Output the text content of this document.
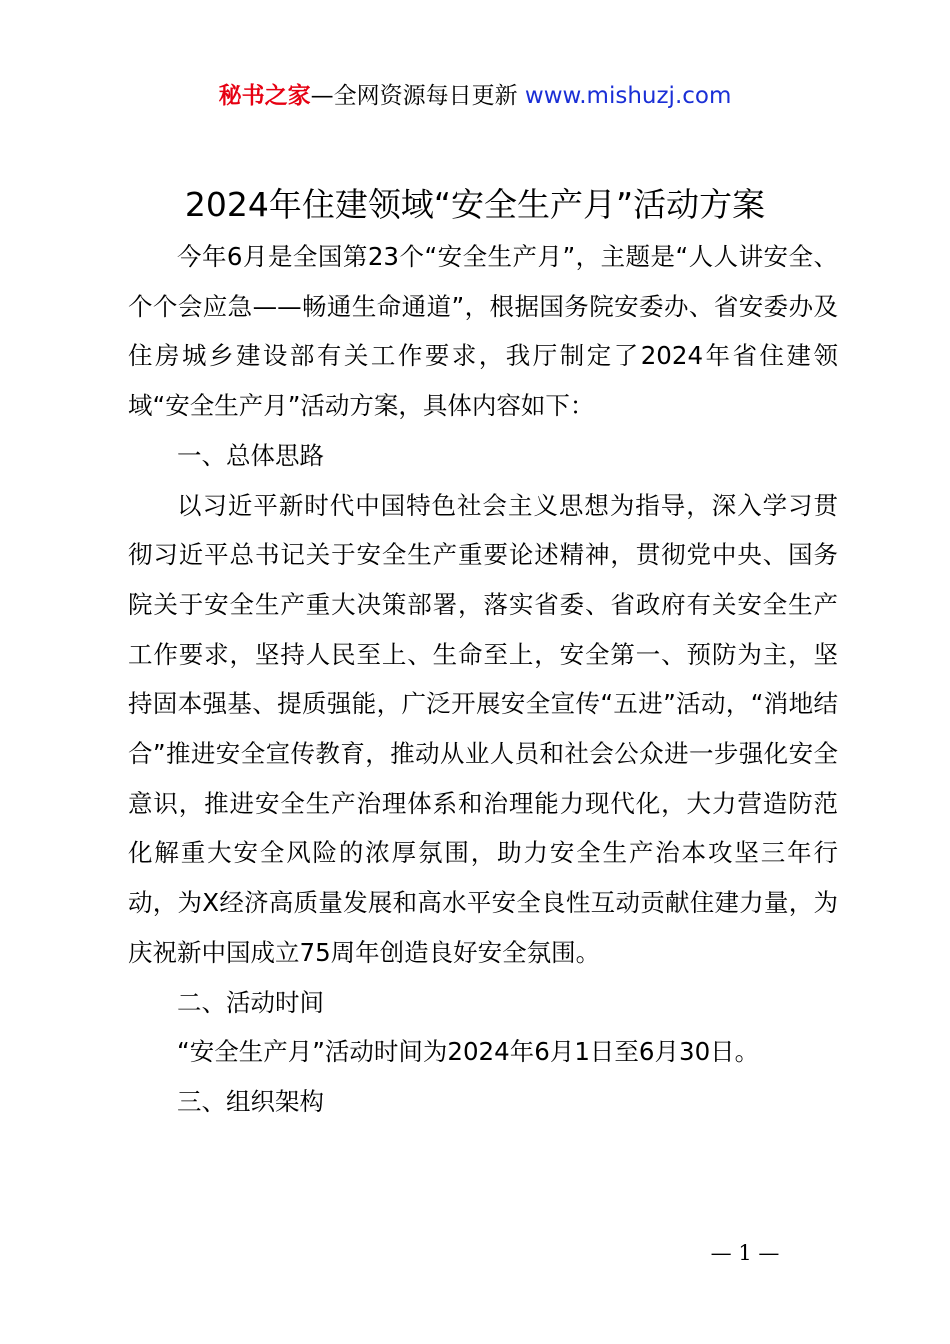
秘书之家—全网资源每日更新 www.mishuzj.com
2024年住建领域“安全生产月”活动方案

今年6月是全国第23个“安全生产月”，主题是“人人讲安全、个个会应急——畅通生命通道”，根据国务院安委办、省安委办及住房城乡建设部有关工作要求，我厅制定了2024年省住建领域“安全生产月”活动方案，具体内容如下：

一、总体思路

以习近平新时代中国特色社会主义思想为指导，深入学习贯彻习近平总书记关于安全生产重要论述精神，贯彻党中央、国务院关于安全生产重大决策部署，落实省委、省政府有关安全生产工作要求，坚持人民至上、生命至上，安全第一、预防为主，坚持固本强基、提质强能，广泛开展安全宣传“五进”活动，“消地结合”推进安全宣传教育，推动从业人员和社会公众进一步强化安全意识，推进安全生产治理体系和治理能力现代化，大力营造防范化解重大安全风险的浓厚氛围，助力安全生产治本攻坚三年行动，为X经济高质量发展和高水平安全良性互动贡献住建力量，为庆祝新中国成立75周年创造良好安全氛围。

二、活动时间

“安全生产月”活动时间为2024年6月1日至6月30日。

三、组织架构

— 1 —
